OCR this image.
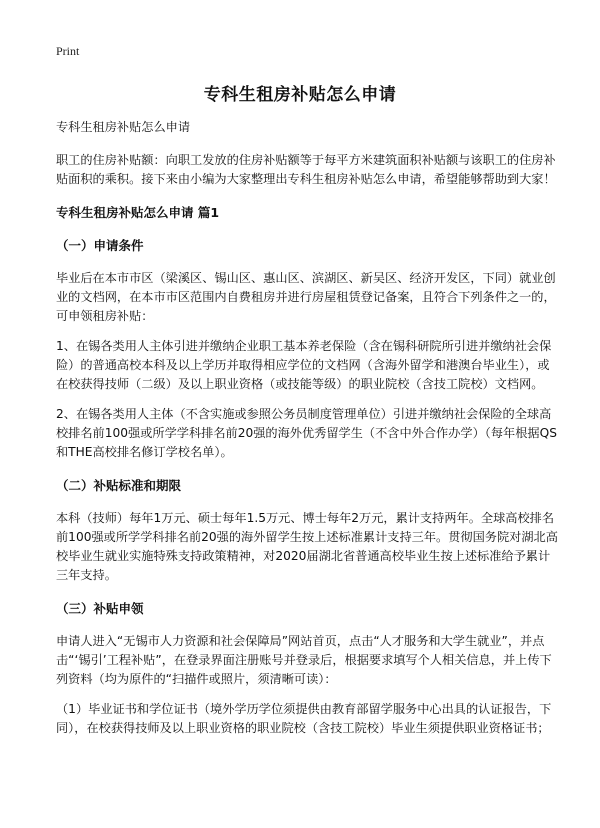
Print
专科生租房补贴怎么申请

专科生租房补贴怎么申请

职工的住房补贴额：向职工发放的住房补贴额等于每平方米建筑面积补贴额与该职工的住房补贴面积的乘积。接下来由小编为大家整理出专科生租房补贴怎么申请，希望能够帮助到大家！

专科生租房补贴怎么申请 篇1

（一）申请条件

毕业后在本市市区（梁溪区、锡山区、惠山区、滨湖区、新吴区、经济开发区，下同）就业创业的文档网，在本市市区范围内自费租房并进行房屋租赁登记备案，且符合下列条件之一的，可申领租房补贴：

1、在锡各类用人主体引进并缴纳企业职工基本养老保险（含在锡科研院所引进并缴纳社会保险）的普通高校本科及以上学历并取得相应学位的文档网（含海外留学和港澳台毕业生），或在校获得技师（二级）及以上职业资格（或技能等级）的职业院校（含技工院校）文档网。

2、在锡各类用人主体（不含实施或参照公务员制度管理单位）引进并缴纳社会保险的全球高校排名前100强或所学学科排名前20强的海外优秀留学生（不含中外合作办学）（每年根据QS和THE高校排名修订学校名单）。

（二）补贴标准和期限

本科（技师）每年1万元、硕士每年1.5万元、博士每年2万元，累计支持两年。全球高校排名前100强或所学学科排名前20强的海外留学生按上述标准累计支持三年。贯彻国务院对湖北高校毕业生就业实施特殊支持政策精神，对2020届湖北省普通高校毕业生按上述标准给予累计三年支持。

（三）补贴申领

申请人进入“无锡市人力资源和社会保障局”网站首页，点击“人才服务和大学生就业”，并点击“‘锡引’工程补贴”，在登录界面注册账号并登录后，根据要求填写个人相关信息，并上传下列资料（均为原件的“扫描件或照片，须清晰可读）：

（1）毕业证书和学位证书（境外学历学位须提供由教育部留学服务中心出具的认证报告，下同），在校获得技师及以上职业资格的职业院校（含技工院校）毕业生须提供职业资格证书；
